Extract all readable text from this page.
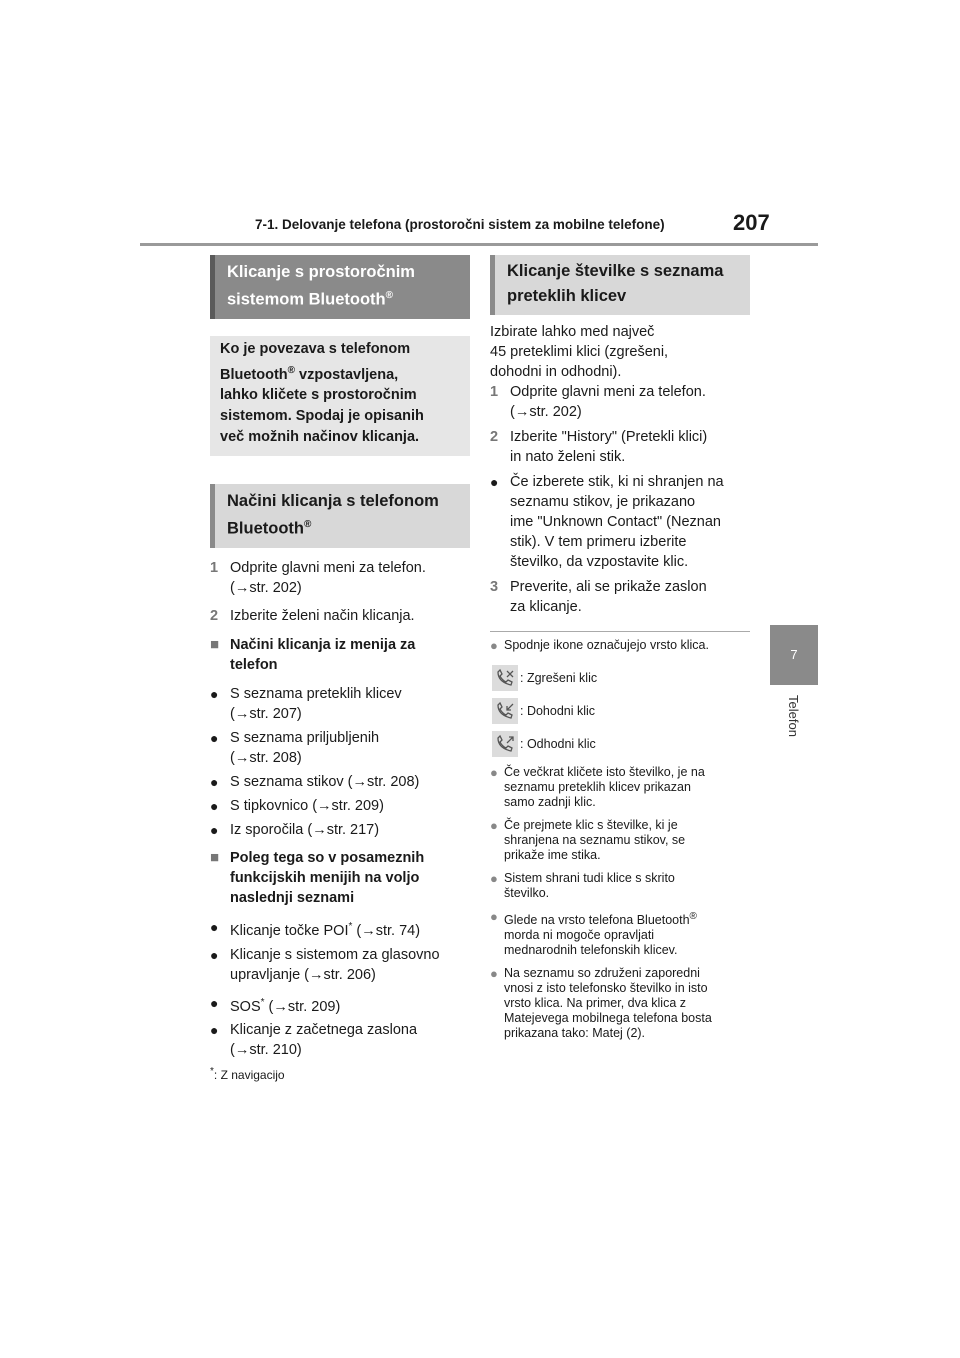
7-1. Delovanje telefona (prostoročni sistem za mobilne telefone)	207
7
Telefon
Klicanje s prostoročnim
sistemom Bluetooth®
Ko je povezava s telefonom
Bluetooth® vzpostavljena,
lahko kličete s prostoročnim
sistemom. Spodaj je opisanih
več možnih načinov klicanja.
Načini klicanja s telefonom
Bluetooth®
1 Odprite glavni meni za telefon.
(→str. 202)
2 Izberite želeni način klicanja.
■ Načini klicanja iz menija za
telefon
● S seznama preteklih klicev
(→str. 207)
● S seznama priljubljenih
(→str. 208)
● S seznama stikov (→str. 208)
● S tipkovnico (→str. 209)
● Iz sporočila (→str. 217)
■ Poleg tega so v posameznih
funkcijskih menijih na voljo
naslednji seznami
● Klicanje točke POI* (→str. 74)
● Klicanje s sistemom za glasovno
upravljanje (→str. 206)
● SOS* (→str. 209)
● Klicanje z začetnega zaslona
(→str. 210)
*: Z navigacijo
Klicanje številke s seznama
preteklih klicev
Izbirate lahko med največ
45 preteklimi klici (zgrešeni,
dohodni in odhodni).
1 Odprite glavni meni za telefon.
(→str. 202)
2 Izberite "History" (Pretekli klici)
in nato želeni stik.
● Če izberete stik, ki ni shranjen na
seznamu stikov, je prikazano
ime "Unknown Contact" (Neznan
stik). V tem primeru izberite
številko, da vzpostavite klic.
3 Preverite, ali se prikaže zaslon
za klicanje.
● Spodnje ikone označujejo vrsto klica.
: Zgrešeni klic
: Dohodni klic
: Odhodni klic
● Če večkrat kličete isto številko, je na
seznamu preteklih klicev prikazan
samo zadnji klic.
● Če prejmete klic s številke, ki je
shranjena na seznamu stikov, se
prikaže ime stika.
● Sistem shrani tudi klice s skrito
številko.
● Glede na vrsto telefona Bluetooth®
morda ni mogoče opravljati
mednarodnih telefonskih klicev.
● Na seznamu so združeni zaporedni
vnosi z isto telefonsko številko in isto
vrsto klica. Na primer, dva klica z
Matejevega mobilnega telefona bosta
prikazana tako: Matej (2).
